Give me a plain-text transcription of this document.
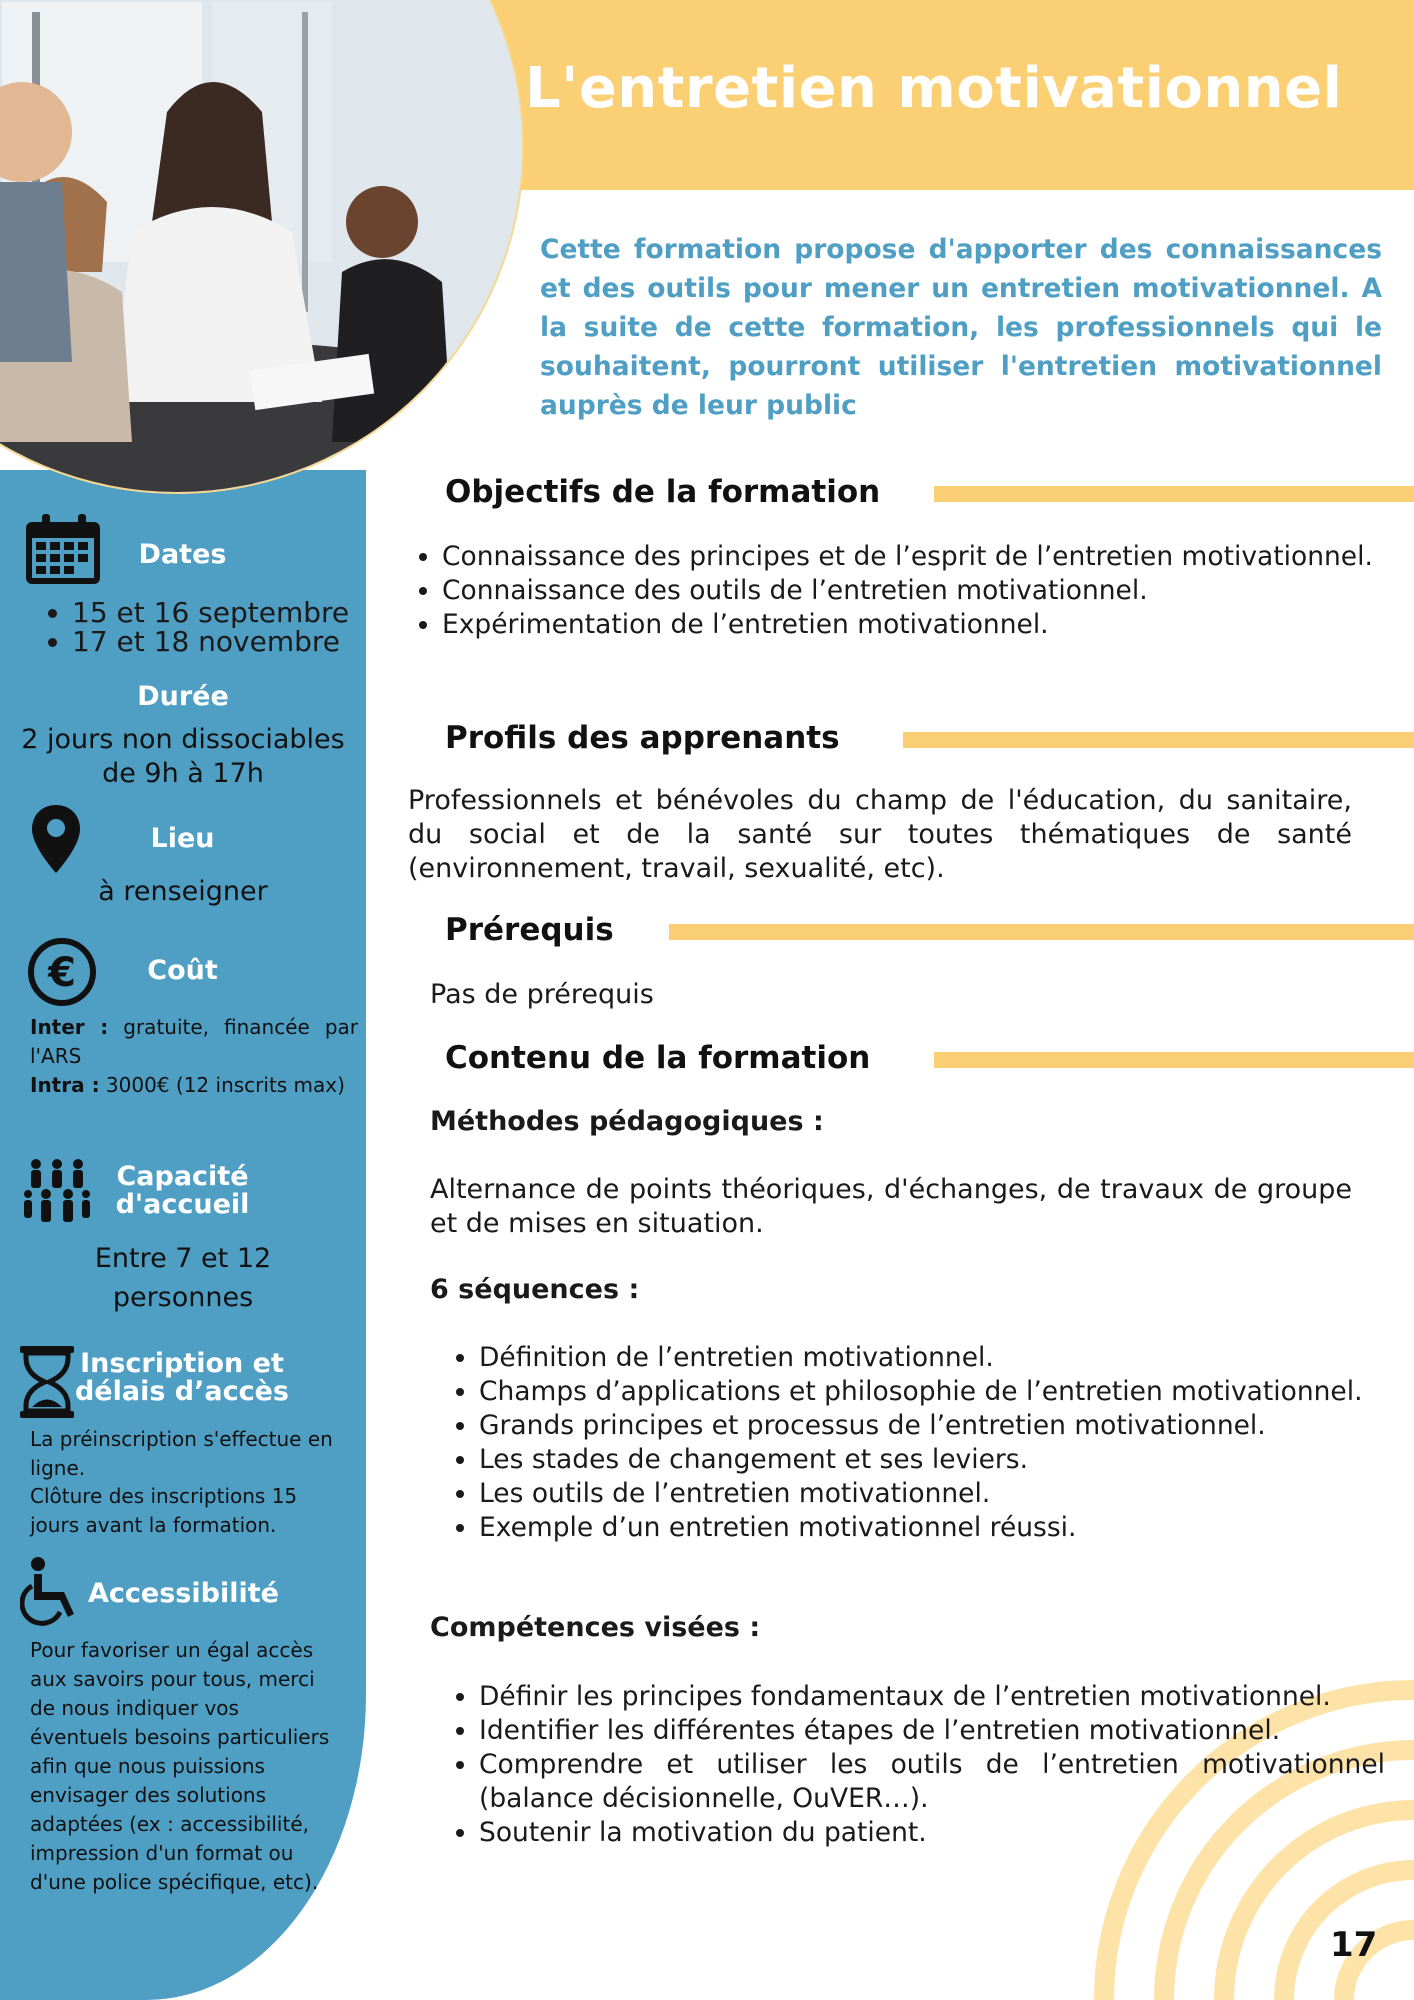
L'entretien motivationnel

Cette formation propose d'apporter des connaissances et des outils pour mener un entretien motivationnel. A la suite de cette formation, les professionnels qui le souhaitent, pourront utiliser l'entretien motivationnel auprès de leur public

Dates
• 15 et 16 septembre
• 17 et 18 novembre
Durée
2 jours non dissociables
de 9h à 17h
Lieu
à renseigner
€	Coût
Inter : gratuite, financée par l'ARS
Intra : 3000€ (12 inscrits max)
Capacité
d'accueil
Entre 7 et 12
personnes
Inscription et
délais d’accès
La préinscription s'effectue en ligne.
Clôture des inscriptions 15 jours avant la formation.
Accessibilité
Pour favoriser un égal accès aux savoirs pour tous, merci de nous indiquer vos éventuels besoins particuliers afin que nous puissions envisager des solutions adaptées (ex : accessibilité, impression d'un format ou d'une police spécifique, etc).
Objectifs de la formation
• Connaissance des principes et de l’esprit de l’entretien motivationnel.
• Connaissance des outils de l’entretien motivationnel.
• Expérimentation de l’entretien motivationnel.
Profils des apprenants

Professionnels et bénévoles du champ de l'éducation, du sanitaire, du social et de la santé sur toutes thématiques de santé (environnement, travail, sexualité, etc).

Prérequis

Pas de prérequis

Contenu de la formation

Méthodes pédagogiques :

Alternance de points théoriques, d'échanges, de travaux de groupe et de mises en situation.

6 séquences :

• Définition de l’entretien motivationnel.
• Champs d’applications et philosophie de l’entretien motivationnel.
• Grands principes et processus de l’entretien motivationnel.
• Les stades de changement et ses leviers.
• Les outils de l’entretien motivationnel.
• Exemple d’un entretien motivationnel réussi.

Compétences visées :

• Définir les principes fondamentaux de l’entretien motivationnel.
• Identifier les différentes étapes de l’entretien motivationnel.
• Comprendre et utiliser les outils de l’entretien motivationnel (balance décisionnelle, OuVER…).
• Soutenir la motivation du patient.
17
